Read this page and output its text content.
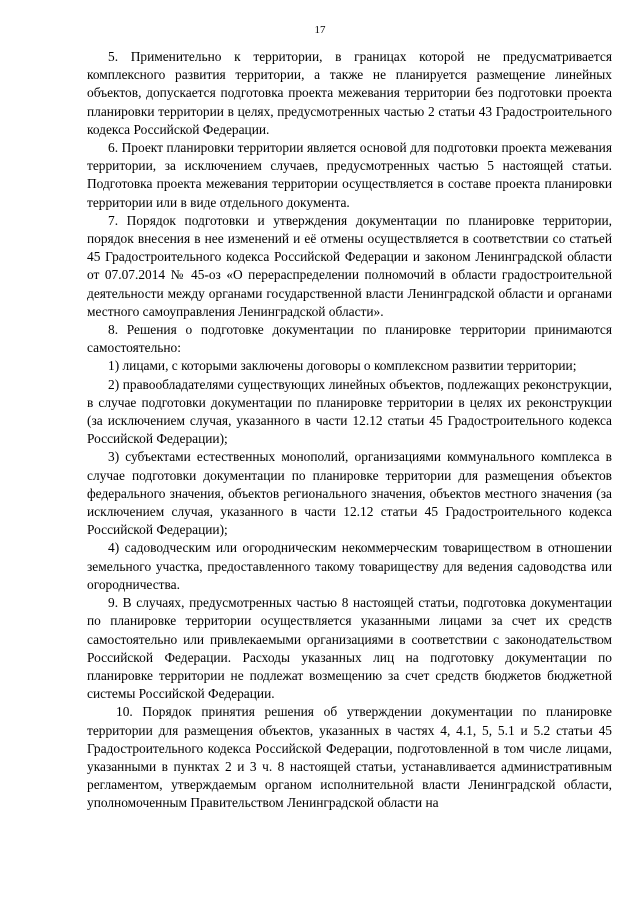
17

5. Применительно к территории, в границах которой не предусматривается комплексного развития территории, а также не планируется размещение линейных объектов, допускается подготовка проекта межевания территории без подготовки проекта планировки территории в целях, предусмотренных частью 2 статьи 43 Градостроительного кодекса Российской Федерации.

6. Проект планировки территории является основой для подготовки проекта межевания территории, за исключением случаев, предусмотренных частью 5 настоящей статьи. Подготовка проекта межевания территории осуществляется в составе проекта планировки территории или в виде отдельного документа.

7. Порядок подготовки и утверждения документации по планировке территории, порядок внесения в нее изменений и её отмены осуществляется в соответствии со статьей 45 Градостроительного кодекса Российской Федерации и законом Ленинградской области от 07.07.2014 № 45-оз «О перераспределении полномочий в области градостроительной деятельности между органами государственной власти Ленинградской области и органами местного самоуправления Ленинградской области».

8. Решения о подготовке документации по планировке территории принимаются самостоятельно:

1) лицами, с которыми заключены договоры о комплексном развитии территории;

2) правообладателями существующих линейных объектов, подлежащих реконструкции, в случае подготовки документации по планировке территории в целях их реконструкции (за исключением случая, указанного в части 12.12 статьи 45 Градостроительного кодекса Российской Федерации);

3) субъектами естественных монополий, организациями коммунального комплекса в случае подготовки документации по планировке территории для размещения объектов федерального значения, объектов регионального значения, объектов местного значения (за исключением случая, указанного в части 12.12 статьи 45 Градостроительного кодекса Российской Федерации);

4) садоводческим или огородническим некоммерческим товариществом в отношении земельного участка, предоставленного такому товариществу для ведения садоводства или огородничества.

9. В случаях, предусмотренных частью 8 настоящей статьи, подготовка документации по планировке территории осуществляется указанными лицами за счет их средств самостоятельно или привлекаемыми организациями в соответствии с законодательством Российской Федерации. Расходы указанных лиц на подготовку документации по планировке территории не подлежат возмещению за счет средств бюджетов бюджетной системы Российской Федерации.

10. Порядок принятия решения об утверждении документации по планировке территории для размещения объектов, указанных в частях 4, 4.1, 5, 5.1 и 5.2 статьи 45 Градостроительного кодекса Российской Федерации, подготовленной в том числе лицами, указанными в пунктах 2 и 3 ч. 8 настоящей статьи, устанавливается административным регламентом, утверждаемым органом исполнительной власти Ленинградской области, уполномоченным Правительством Ленинградской области на
